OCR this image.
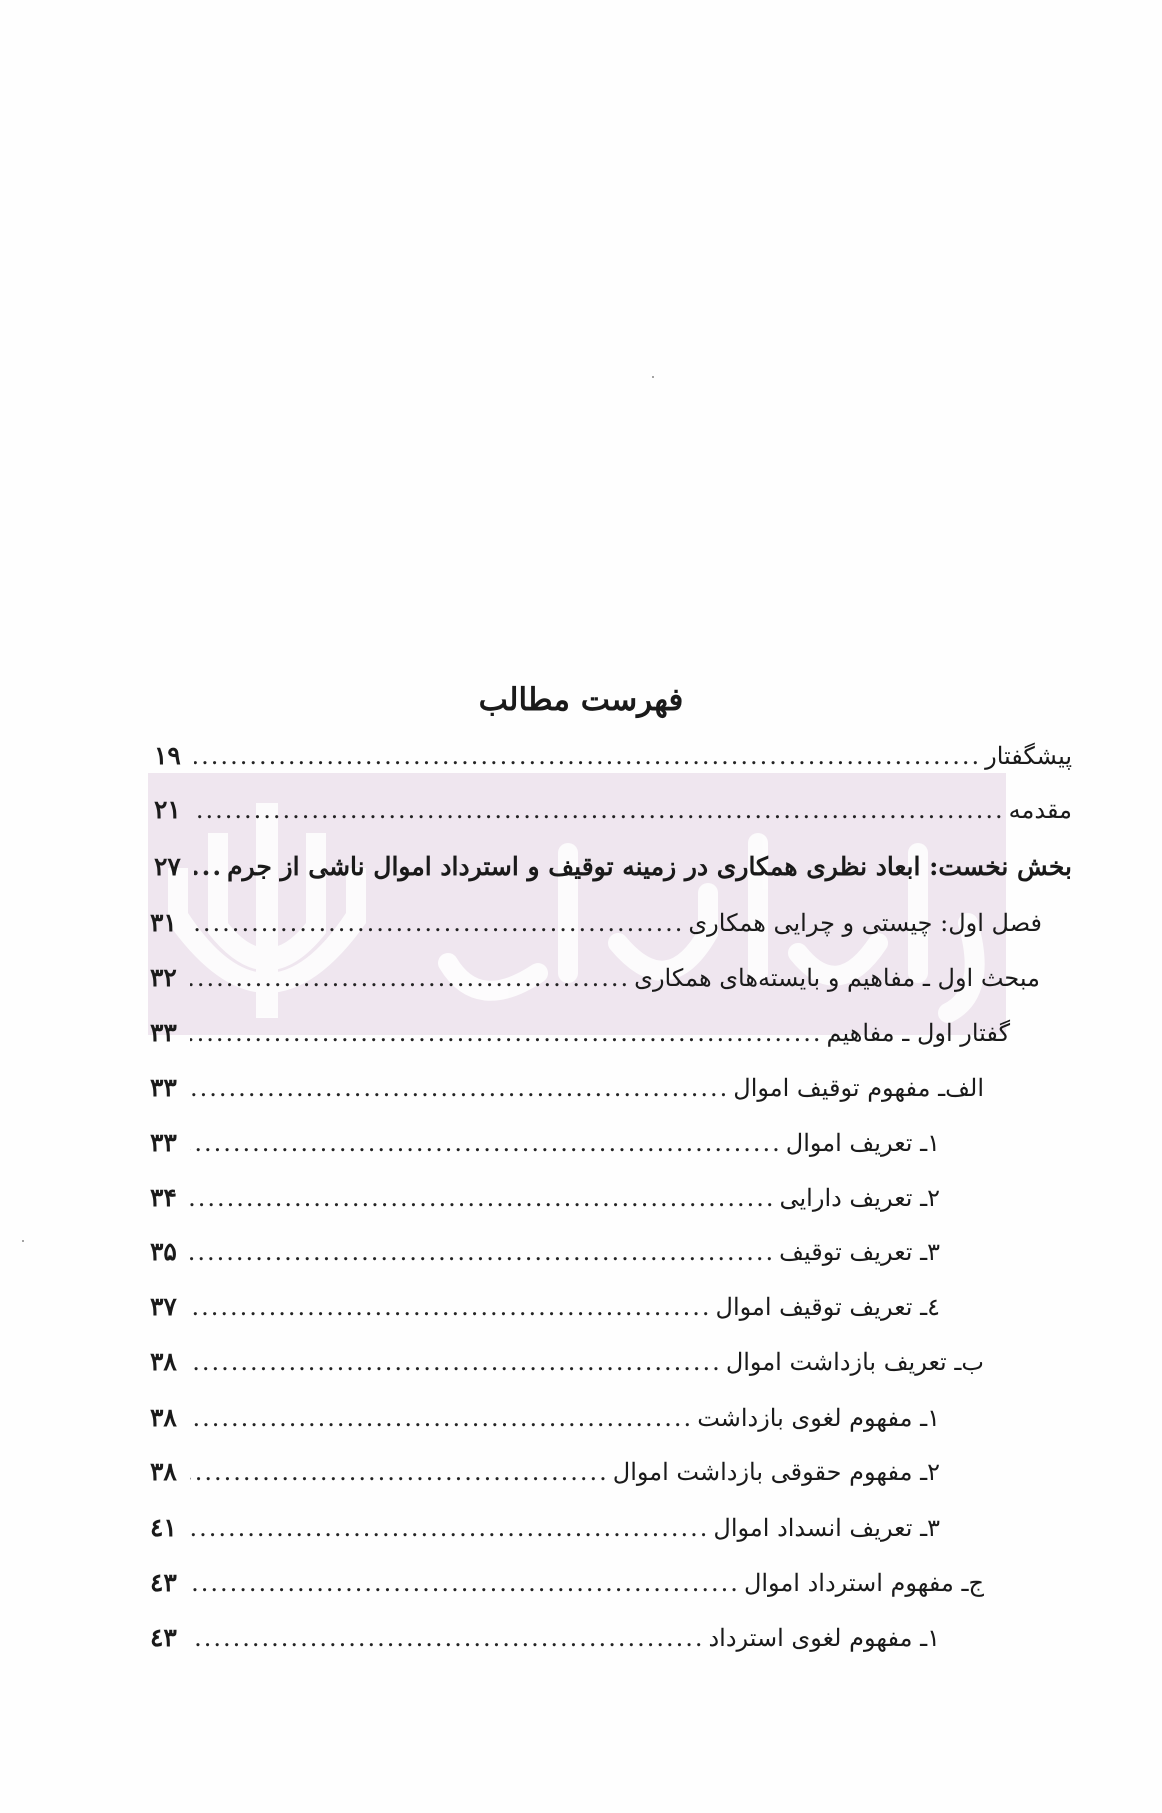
فهرست مطالب
پیشگفتار
.....
۱۹
مقدمه
.....
۲۱
بخش نخست: ابعاد نظری همکاری در زمینه توقیف و استرداد اموال ناشی از جرم
.....
۲۷
فصل اول: چیستی و چرایی همکاری
.....
۳۱
مبحث اول ـ مفاهیم و بایسته‌های همکاری
.....
۳۲
گفتار اول ـ مفاهیم
.....
۳۳
الف‌ـ مفهوم توقیف اموال
.....
۳۳
۱ـ تعریف اموال
.....
۳۳
۲ـ تعریف دارایی
.....
۳۴
۳ـ تعریف توقیف
.....
۳۵
٤ـ تعریف توقیف اموال
.....
۳۷
ب‌ـ تعریف بازداشت اموال
.....
۳۸
۱ـ مفهوم لغوی بازداشت
.....
۳۸
۲ـ مفهوم حقوقی بازداشت اموال
.....
۳۸
۳ـ تعریف انسداد اموال
.....
٤۱
ج‌ـ مفهوم استرداد اموال
.....
٤۳
۱ـ مفهوم لغوی استرداد
.....
٤۳
